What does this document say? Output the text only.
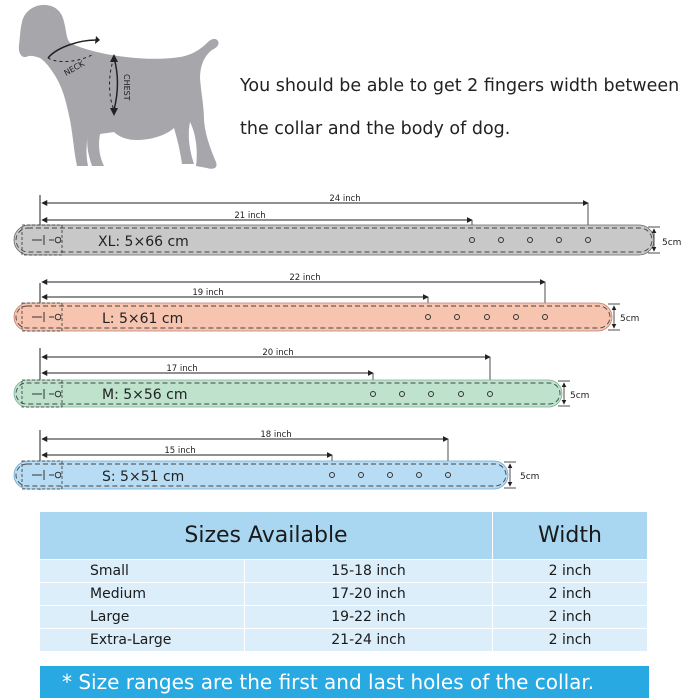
NECK
CHEST	You should be able to get 2 fingers width between
the collar and the body of dog.
24 inch
21 inch
XL: 5×66 cm	5cm
22 inch
19 inch
L: 5×61 cm	5cm
20 inch
17 inch
M: 5×56 cm	5cm
18 inch
15 inch
S: 5×51 cm	5cm
Sizes Available		Width
Small	15-18 inch	2 inch
Medium	17-20 inch	2 inch
Large	19-22 inch	2 inch
Extra-Large	21-24 inch	2 inch
* Size ranges are the first and last holes of the collar.
